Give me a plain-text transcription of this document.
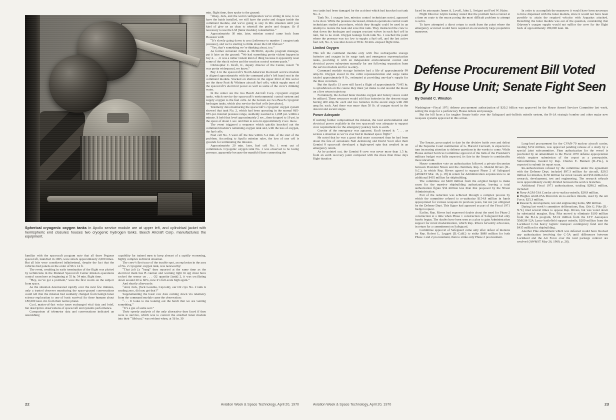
Spherical cryogenic oxygen tanks in Apollo service module are at upper left, and cylindrical jacket with hemispheric end closures houses two cryogenic hydrogen tanks. Beech Aircraft Corp. manufactures the equipment.

familiar with the spacecraft program note that all three Pegasus spacecraft, launched in 1965, were struck approximately 2,000 times. But all hits were considered infinitesimal, despite the fact that the vehicles had panels on the order of 96 x 14 ft.

The event, resulting in early termination of the flight was plotted by technicians in the Manned Spacecraft Center mission operations control room here as beginning at 55 hr. 54 min. flight time.

“Hey, we’ve got a problem,” were the first words on the subject from space.

As the situation deteriorated rapidly over the next few minutes, only a trusted observer monitoring the space-ground conversations could tell that the mission had suddenly changed from benign lunar science exploration to one of basic survival for three humans about 180,000 naut. mi. from their native planet.

Cool, matter-of-fact voice tones exchanged vital data and brief, but descriptive observations of spacecraft and systems performance.

Comparison of telemetry data and conversations indicated an astonishing

capability for trained men to keep abreast of a rapidly worsening, highly complex technical situation.

The crew’s first trace of the trouble spot, an explosion in the area of No. 2 cryogenic oxygen tank, was noteworthy:

“That jolt [a “bang” they reported at the same time as the electrical main bus B caution and warning light lit up] must have rocked the sensor on . . . O2 quantity [tank] 2, it was oscillating down around 20 to 60%, now it’s full-scale high again.”

And shortly afterwards:

“And, Jack, [Jack Lousma, Capcom], our O2 cryo No. 2 tank is reading zero, did you get that?”

Supplementing the basic raw data coming down via telemetry from the command module came the observation:

“. . . It looks to me looking out the hatch that we are venting something.”

“It’s a gas of some sort.”

Their speedy analysis of the only alternative they faced if they were to survive, which was to convert the attached lunar module into their “lifeboat,” was evident when, at 56 hr. 30

min. flight time, they spoke to the ground:

“Okay, Jack, and the weird configuration we’re sitting in now, is we have the hatch installed, we still have the probe and drogue inside the command module, and we’re going to stay in this situation until you kind of give us an okay to reinstall the probe and drogue. Or if necessary to use the LM [lunar module] consumables.”

Approximately 30 min. later, mission control came back from Houston with:

“It’s slowly going down to zero [reference to number 1 oxygen tank pressure], and we’re starting to think about the LM lifeboat.”

“Yes, that’s something we’re thinking about, too.”

As former astronaut James A. McDivitt, Apollo program manager, put it later on the ground: “We had something pretty violent happen in bay 4. . . . it was a rather violent kind of thing because it apparently reset some of the shock valves and the reaction control system quads.”

Christopher C. Kraft, Jr., deputy director of the Center, noted: “It was pretty widespread, we know.”

Bay 4 in the spacecraft’s North American Rockwell service module is aligned approximately with the command pilot’s left hand seat in the command module. Stacked on shelves in the upper third of this sector are the three Pratt & Whitney aircraft fuel cells, which supply most of the spacecraft’s electrical power as well as some of the crew’s drinking water.

In the center are the two Beech Aircraft Corp. cryogenic oxygen tanks, which service the spacecraft’s environmental control system and supply oxygen to the fuel cells. At the bottom are two Beech cryogenic hydrogen tanks, which also service the fuel cells (see photo).

Telemetry data monitoring the spacecraft’s cryogenic oxygen system showed that tank No. 2, which had been operating in the normal 865-935-psi. internal pressure range, suddenly zoomed to 1,008 psi. within a minute. It held that level approximately 2 sec., then dropped to 19 psi. in the space of about 1 sec. and then to zero in approximately 2 sec. more.

The event triggered a sequence which quickly knocked out the command module’s remaining oxygen tank and, with the loss of oxygen, the fuel cells.

Fuel cell No. 3 went off the line within 3-4 min. of the start of the problem. According to Apollo mission rules, the loss of one cell is grounds for terminating the mission.

Approximately 20 min. later, fuel cell No. 1 went out of commission. Cryogenic oxygen tank No. 1 was observed to be losing pressure, apparently because the manifold lines connecting the

22	Aviation Week & Space Technology, April 20, 1970

two tanks had been damaged by the accident which had knocked out tank No. 2.

Tank No. 1 oxygen loss, mission control technicians noted, appeared to be slow. While the pressure decreased, mission operations control room technicians studied procedures, which they thought could be used in an attempt to isolate the leak and save that tank. They instructed the crew to shut down the hydrogen and oxygen reactant valves in each fuel cell in turn, but to no avail. Oxygen leakage from tank No. 1 reached the point where the pressure was too low to supply a fuel cell, and the last active fuel cell, No. 2, was shut down at 58 hr. 36 min. elapsed flight time.

Limited Oxygen

This left the command module only with five rechargeable storage batteries and oxygen in its surge tank and emergency repressurization tanks, providing it with an independent environmental control and electrical power subsystem normally for use following separation from the service module and for re-entry.

Command module storage batteries had a life of approximately 99 amp./hr. Oxygen stored in the cabin repressurization and surge tanks totaled approximately 8 lb., estimated at providing one-day’s supply for the three crewmen.

But the Apollo 13 crew still faced a flight of approximately 73-85 hr. to splashdown on the course they must yet make to and around the moon on a free return trajectory.

Fortunately, the docked lunar module oxygen and battery stores could be utilized. These resources would add four batteries in the descent stage having 400 amp./hr. each and two batteries in the ascent stage with 296 amp./hr. each. And there was more than 50 lb. of oxygen stored in the descent and ascent stages.

Power Adequate

If nothing further compromised the mission, the total environmental and electrical power available in the two spacecraft was adequate to support crew requirements for the emergency journey back to earth.

Gravity of the emergency was apparent. Kraft termed it: “. . . as serious a situation as we’ve ever had in manned space flight.”

He noted that he was a great deal more concerned than he had been about the fate of astronauts Neil Armstrong and David Scott after their Gemini 8 spacecraft developed a high-speed spin that resulted in an emergency return.

As he pointed out, the Gemini 8 crew was never more than 1.5 hr. from an earth recovery point compared with the more than three days flight duration

faced by astronauts James A. Lovell, John L. Swigert and Fred W. Haise.

Flight Director Glynn Lunney stated that the problem had occurred at a time en route to the moon posing the most difficult problem to attempt to solve.

To have attempted a direct return to earth from the point where the emergency occurred would have required an excessively large propulsive maneuver.

In order to accomplish the maneuver it would have been necessary to have dispensed with the lunar module, since it would not have been possible to attain the required velocity with Aquarius attached. Detaching the lunar module was out of the question, considering that Odyssey’s oxygen supply would not suffice the crew for the flight back of approximately 180,000 naut. mi.

Defense Procurement Bill Voted
By House Unit; Senate Fight Seen
By Donald C. Winston

Washington—Fiscal 1971 defense procurement authorization of $20.2 billion was approved by the House Armed Services Committee last week, setting the stage for a perfunctory House debate and passage.

But the bill faces a far tougher Senate battle over the Safeguard anti-ballistic missile system, the B-1A strategic bomber and other major new weapons systems approved in this action.

The Senate, preoccupied to date by the divisive battle over and defeat of the Supreme Court nomination of G. Harrold Carswell, is expected to turn increasing attention to defense questions in the weeks to come. While House Armed Services Committee approval of the bulk of the President’s military budget was fully expected, its fate in the Senate is considerably more uncertain.

House committee vote on authorization followed a private discussion between President Nixon and the chairman, Rep. L. Mendel Rivers (D.-S.C.), in which Rep. Rivers agreed to support Phase 2 of Safeguard (AW&ST Mar. 16, p. 18) in return for Administration acquiescence to an additional $435 million for shipbuilding.

The committee cut $469 million from the original budget to make room for the massive shipbuilding authorization, leaving a total authorization figure $34 million less than that proposed by the Nixon Administration.

Part of the reduction was achieved through a complex process by which the committee refused to re-authorize $154.8 million in funds appropriated for various weapons in previous years, but not yet obligated by the Defense Dept. This figure had appeared as part of the Fiscal 1971 budget request.

Earlier, Rep. Rivers had expressed doubts about the need for Phase 2 construction at a time when Phase 1 construction of Safeguard had only barely begun. The doubts have been seen as a ploy to gain Administration support for naval modernization, which Rep. Rivers fervently advocates, in return for a commitment on Safeguard.

Committee approval of Safeguard came only after defeat of motions by Rep. Robert L. Leggett (D.-Calif.) to strike $680 million for both Phase 1 and 2 procurement, then to strike only Phase 2 procurement.

Long-lead procurement for the CVAN-70 nuclear aircraft carrier, totaling $152 million, was approved pending release of a study by a special joint subcommittee. Firm authorization for the vessel is precluded by an amendment to the Fiscal 1970 defense appropriation which requires submission of the report as a prerequisite. Subcommittee, headed by Rep. Charles E. Bennett (D.-Fla.), is expected to submit its report soon.

Re-authorizations refused by the committee under the agreement with the Defense Dept. included $97.3 million for aircraft, $29.5 million for missiles, $130 million for naval vessels and $56 million for research, development, test and engineering. The research refusals were approximately evenly divided between the service branches.

Additional Fiscal 1971 authorizations, totaling $286.2 million, included:

■ Navy AGM-53A Condor air-to-surface missile, $28.9 million.

■ Hughes AGM-65A Maverick air-to-surface missile, used by the Air Force, $25.3 million.

■ Research, development, test and engineering items, $80 million.

During last week’s committee deliberations, Rep. Otis G. Pike (D.-N.Y.) tried several times to oppose Rep. Rivers, but was voted down by substantial margins. Rep. Pike moved to eliminate $100 million from the B-1A program, $31.9 million from the LTV Aerospace XMGM-52A Lance battlefield support missile, $200 million from the Lockheed C-5A heavy logistic transport contingency fund and the $435 million for shipbuilding.

Another Pike amendment which was defeated would have blocked any authorization involving the C-5A until differences between Lockheed and the Air Force over the total package contract are resolved (AW&ST May 26, 1969, p. 26).

Aviation Week & Space Technology, April 20, 1970	23
